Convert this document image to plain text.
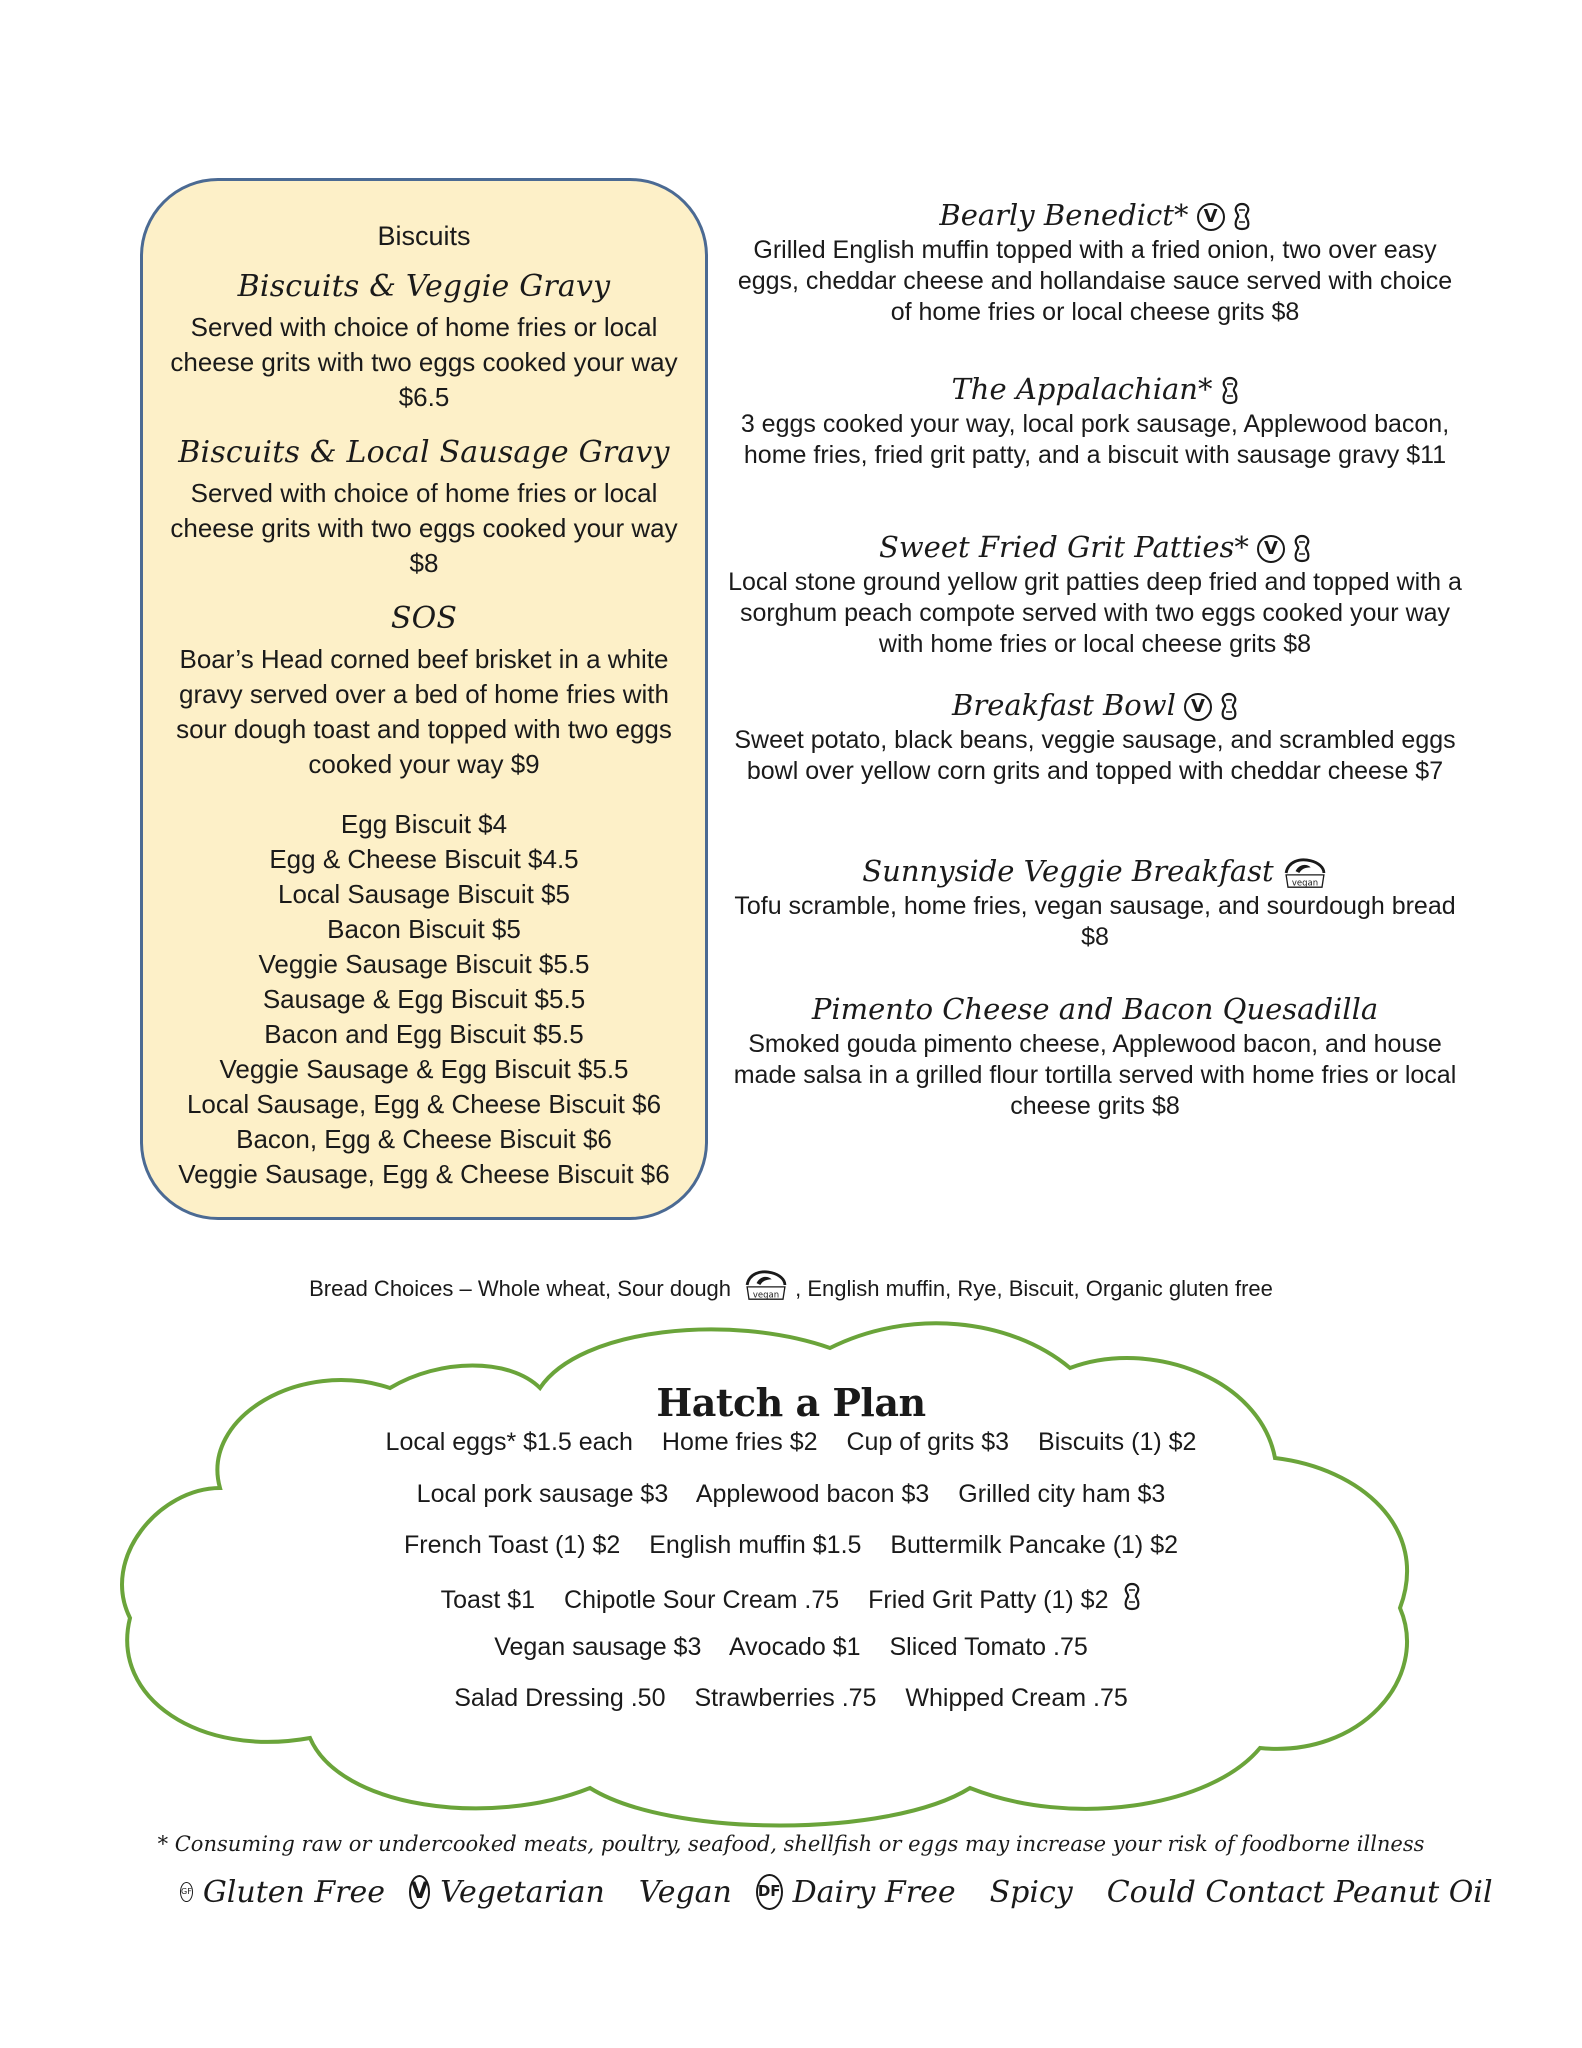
Biscuits
Biscuits & Veggie Gravy

Served with choice of home fries or local cheese grits with two eggs cooked your way $6.5

Biscuits & Local Sausage Gravy

Served with choice of home fries or local cheese grits with two eggs cooked your way $8

SOS

Boar’s Head corned beef brisket in a white gravy served over a bed of home fries with sour dough toast and topped with two eggs cooked your way $9

Egg Biscuit $4
Egg & Cheese Biscuit $4.5
Local Sausage Biscuit $5
Bacon Biscuit $5
Veggie Sausage Biscuit $5.5
Sausage & Egg Biscuit $5.5
Bacon and Egg Biscuit $5.5
Veggie Sausage & Egg Biscuit $5.5
Local Sausage, Egg & Cheese Biscuit $6
Bacon, Egg & Cheese Biscuit $6
Veggie Sausage, Egg & Cheese Biscuit $6
Bearly Benedict* V

Grilled English muffin topped with a fried onion, two over easy eggs, cheddar cheese and hollandaise sauce served with choice of home fries or local cheese grits $8

The Appalachian*

3 eggs cooked your way, local pork sausage, Applewood bacon, home fries, fried grit patty, and a biscuit with sausage gravy $11

Sweet Fried Grit Patties* V

Local stone ground yellow grit patties deep fried and topped with a sorghum peach compote served with two eggs cooked your way with home fries or local cheese grits $8

Breakfast Bowl V

Sweet potato, black beans, veggie sausage, and scrambled eggs bowl over yellow corn grits and topped with cheddar cheese $7

Sunnyside Veggie Breakfast vegan

Tofu scramble, home fries, vegan sausage, and sourdough bread $8

Pimento Cheese and Bacon Quesadilla

Smoked gouda pimento cheese, Applewood bacon, and house made salsa in a grilled flour tortilla served with home fries or local cheese grits $8

Bread Choices – Whole wheat, Sour dough vegan , English muffin, Rye, Biscuit, Organic gluten free
Hatch a Plan
Local eggs* $1.5 each Home fries $2 Cup of grits $3 Biscuits (1) $2
Local pork sausage $3 Applewood bacon $3 Grilled city ham $3
French Toast (1) $2 English muffin $1.5 Buttermilk Pancake (1) $2
Toast $1 Chipotle Sour Cream .75 Fried Grit Patty (1) $2
Vegan sausage $3 Avocado $1 Sliced Tomato .75
Salad Dressing .50 Strawberries .75 Whipped Cream .75
* Consuming raw or undercooked meats, poultry, seafood, shellfish or eggs may increase your risk of foodborne illness
GF Gluten Free V Vegetarian Vegan DF Dairy Free Spicy Could Contact Peanut Oil
